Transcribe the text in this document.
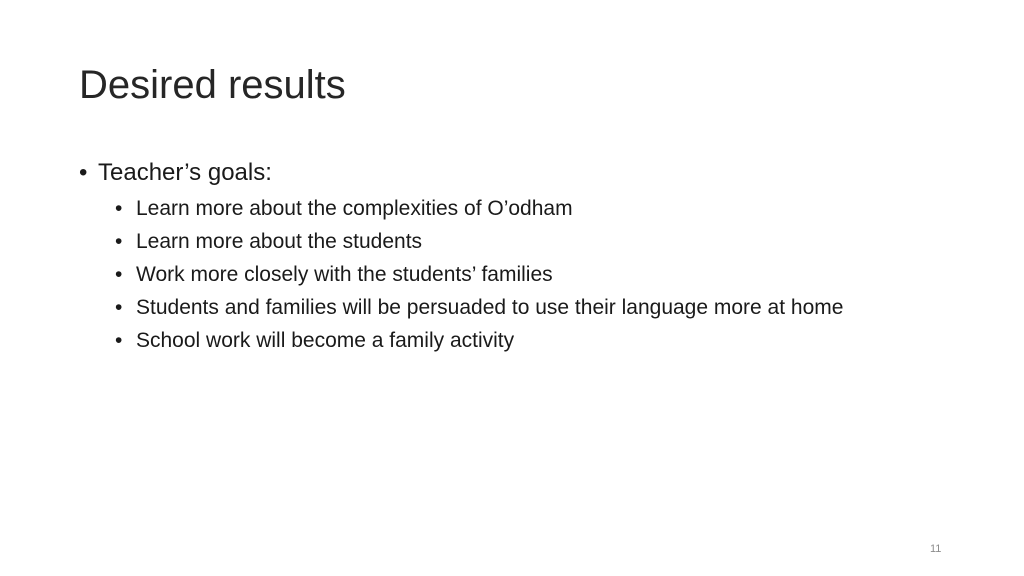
Desired results
• Teacher’s goals:
• Learn more about the complexities of O’odham
• Learn more about the students
• Work more closely with the students’ families
• Students and families will be persuaded to use their language more at home
• School work will become a family activity
11
